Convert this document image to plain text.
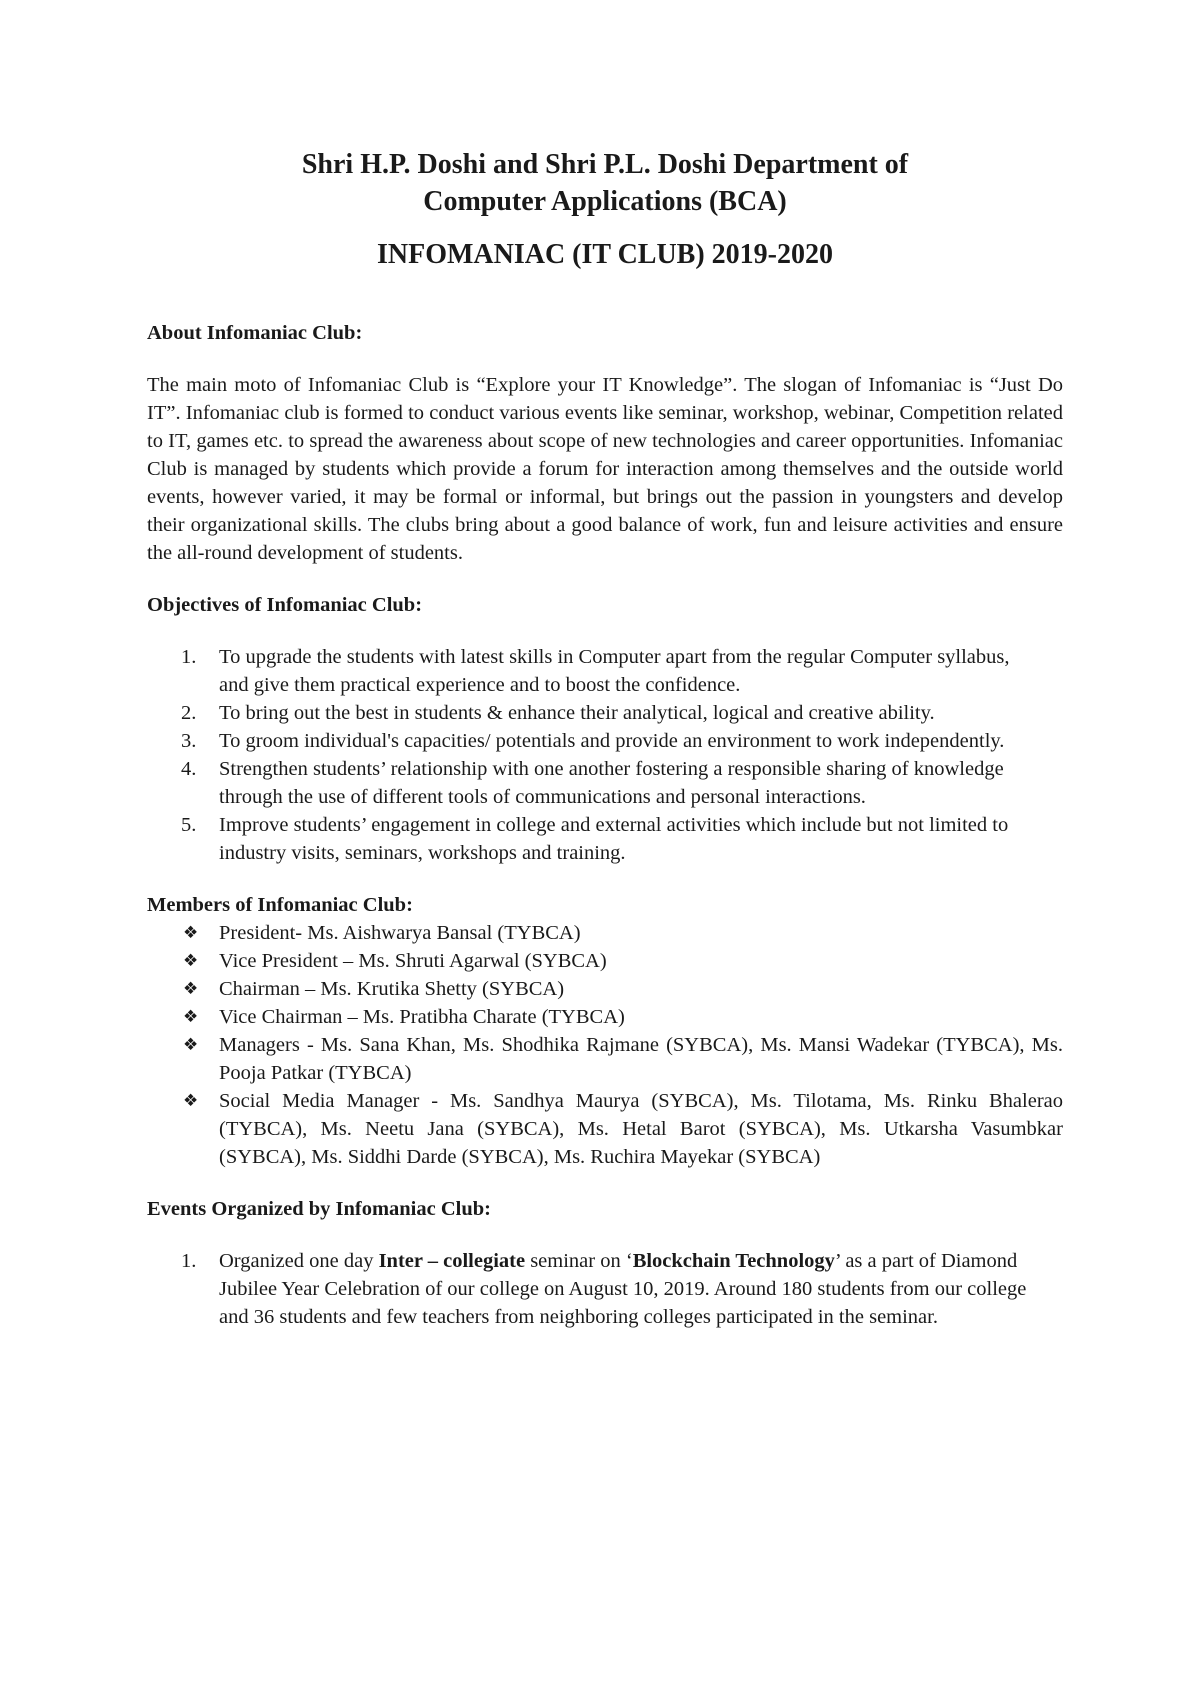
Shri H.P. Doshi and Shri P.L. Doshi Department of
Computer Applications (BCA)
INFOMANIAC (IT CLUB) 2019-2020
About Infomaniac Club:

The main moto of Infomaniac Club is “Explore your IT Knowledge”. The slogan of Infomaniac is “Just Do IT”. Infomaniac club is formed to conduct various events like seminar, workshop, webinar, Competition related to IT, games etc. to spread the awareness about scope of new technologies and career opportunities. Infomaniac Club is managed by students which provide a forum for interaction among themselves and the outside world events, however varied, it may be formal or informal, but brings out the passion in youngsters and develop their organizational skills. The clubs bring about a good balance of work, fun and leisure activities and ensure the all-round development of students.

Objectives of Infomaniac Club:
1. To upgrade the students with latest skills in Computer apart from the regular Computer syllabus, and give them practical experience and to boost the confidence.
2. To bring out the best in students & enhance their analytical, logical and creative ability.
3. To groom individual's capacities/ potentials and provide an environment to work independently.
4. Strengthen students’ relationship with one another fostering a responsible sharing of knowledge through the use of different tools of communications and personal interactions.
5. Improve students’ engagement in college and external activities which include but not limited to industry visits, seminars, workshops and training.
Members of Infomaniac Club:
❖ President- Ms. Aishwarya Bansal (TYBCA)
❖ Vice President – Ms. Shruti Agarwal (SYBCA)
❖ Chairman – Ms. Krutika Shetty (SYBCA)
❖ Vice Chairman – Ms. Pratibha Charate (TYBCA)
❖ Managers - Ms. Sana Khan, Ms. Shodhika Rajmane (SYBCA), Ms. Mansi Wadekar (TYBCA), Ms. Pooja Patkar (TYBCA)
❖ Social Media Manager - Ms. Sandhya Maurya (SYBCA), Ms. Tilotama, Ms. Rinku Bhalerao (TYBCA), Ms. Neetu Jana (SYBCA), Ms. Hetal Barot (SYBCA), Ms. Utkarsha Vasumbkar (SYBCA), Ms. Siddhi Darde (SYBCA), Ms. Ruchira Mayekar (SYBCA)
Events Organized by Infomaniac Club:
1. Organized one day Inter – collegiate seminar on ‘Blockchain Technology’ as a part of Diamond Jubilee Year Celebration of our college on August 10, 2019. Around 180 students from our college and 36 students and few teachers from neighboring colleges participated in the seminar.
